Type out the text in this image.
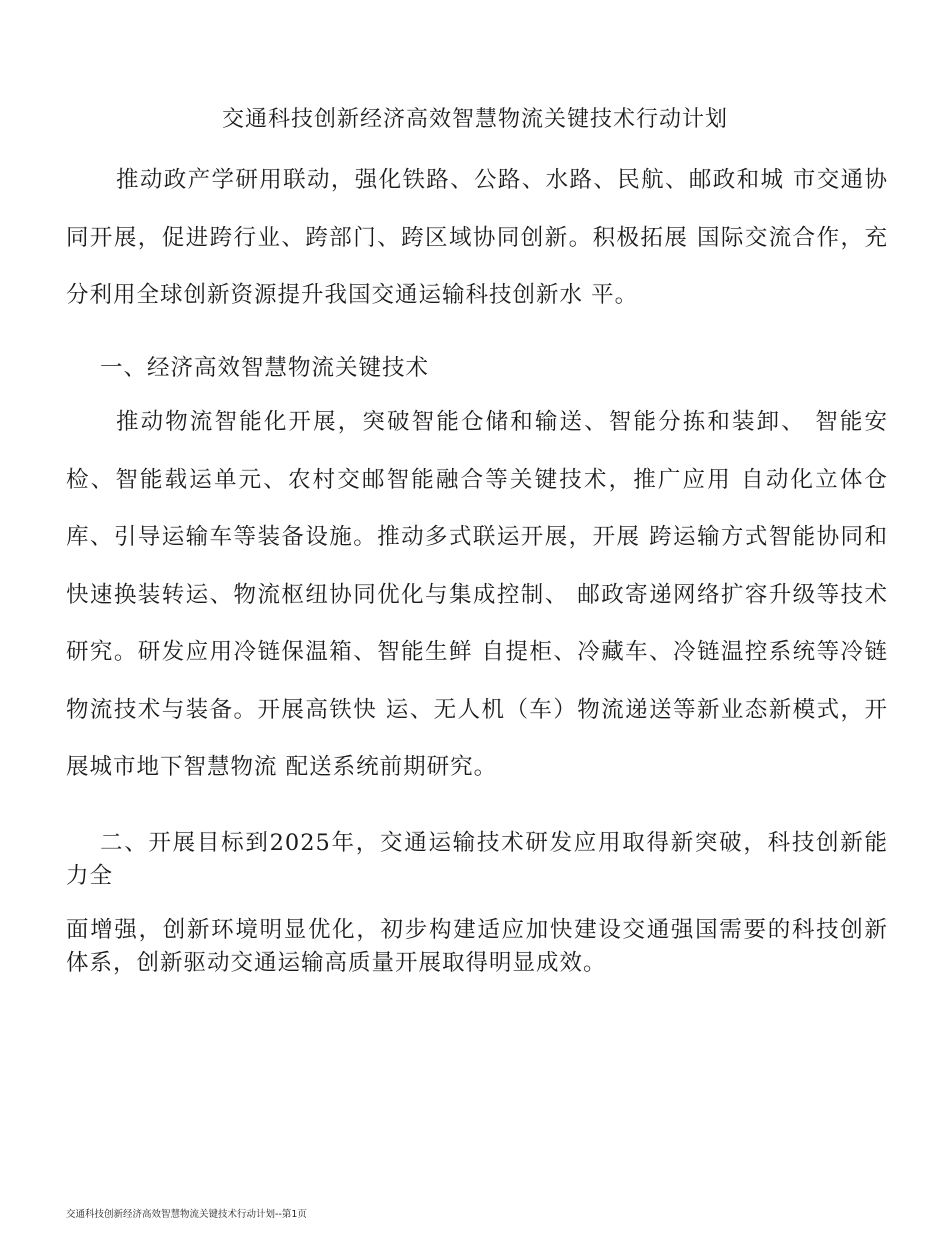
交通科技创新经济高效智慧物流关键技术行动计划

推动政产学研用联动，强化铁路、公路、水路、民航、邮政和城 市交通协同开展，促进跨行业、跨部门、跨区域协同创新。积极拓展 国际交流合作，充分利用全球创新资源提升我国交通运输科技创新水 平。

一、经济高效智慧物流关键技术

推动物流智能化开展，突破智能仓储和输送、智能分拣和装卸、 智能安检、智能载运单元、农村交邮智能融合等关键技术，推广应用 自动化立体仓库、引导运输车等装备设施。推动多式联运开展，开展 跨运输方式智能协同和快速换装转运、物流枢纽协同优化与集成控制、 邮政寄递网络扩容升级等技术研究。研发应用冷链保温箱、智能生鲜 自提柜、冷藏车、冷链温控系统等冷链物流技术与装备。开展高铁快 运、无人机（车）物流递送等新业态新模式，开展城市地下智慧物流 配送系统前期研究。

二、开展目标到2025年，交通运输技术研发应用取得新突破，科技创新能力全

面增强，创新环境明显优化，初步构建适应加快建设交通强国需要的科技创新体系，创新驱动交通运输高质量开展取得明显成效。

交通科技创新经济高效智慧物流关键技术行动计划--第1页
